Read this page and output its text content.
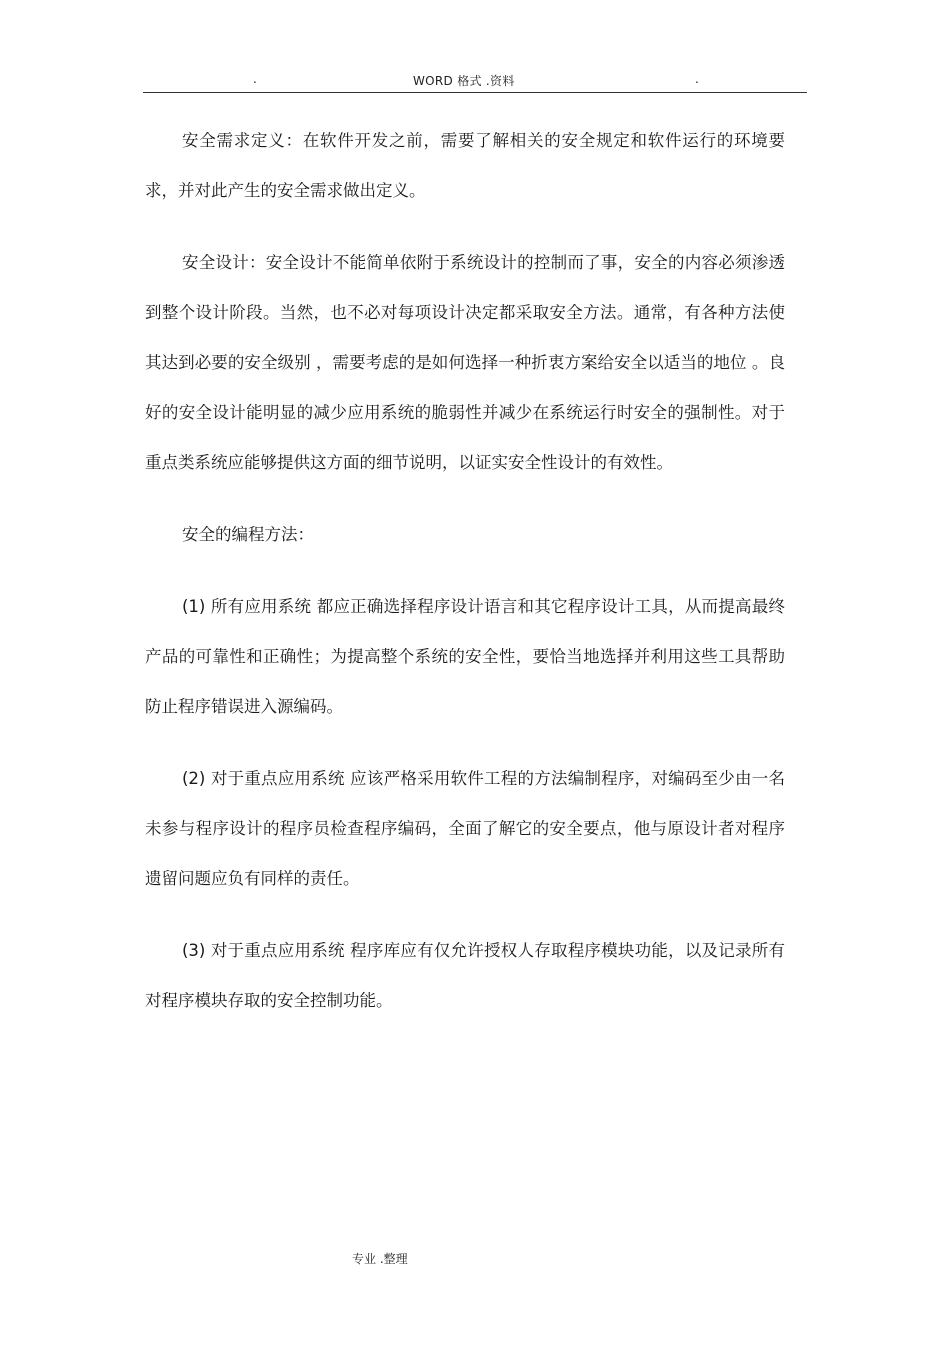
.	WORD 格式 .资料	.

安全需求定义：在软件开发之前，需要了解相关的安全规定和软件运行的环境要求，并对此产生的安全需求做出定义。

安全设计：安全设计不能简单依附于系统设计的控制而了事，安全的内容必须渗透到整个设计阶段。当然，也不必对每项设计决定都采取安全方法。通常，有各种方法使其达到必要的安全级别 ，需要考虑的是如何选择一种折衷方案给安全以适当的地位 。良好的安全设计能明显的减少应用系统的脆弱性并减少在系统运行时安全的强制性。对于重点类系统应能够提供这方面的细节说明，以证实安全性设计的有效性。

安全的编程方法：

(1) 所有应用系统 都应正确选择程序设计语言和其它程序设计工具，从而提高最终产品的可靠性和正确性；为提高整个系统的安全性，要恰当地选择并利用这些工具帮助防止程序错误进入源编码。

(2) 对于重点应用系统 应该严格采用软件工程的方法编制程序，对编码至少由一名未参与程序设计的程序员检查程序编码，全面了解它的安全要点，他与原设计者对程序遗留问题应负有同样的责任。

(3) 对于重点应用系统 程序库应有仅允许授权人存取程序模块功能，以及记录所有对程序模块存取的安全控制功能。

专业 .整理
